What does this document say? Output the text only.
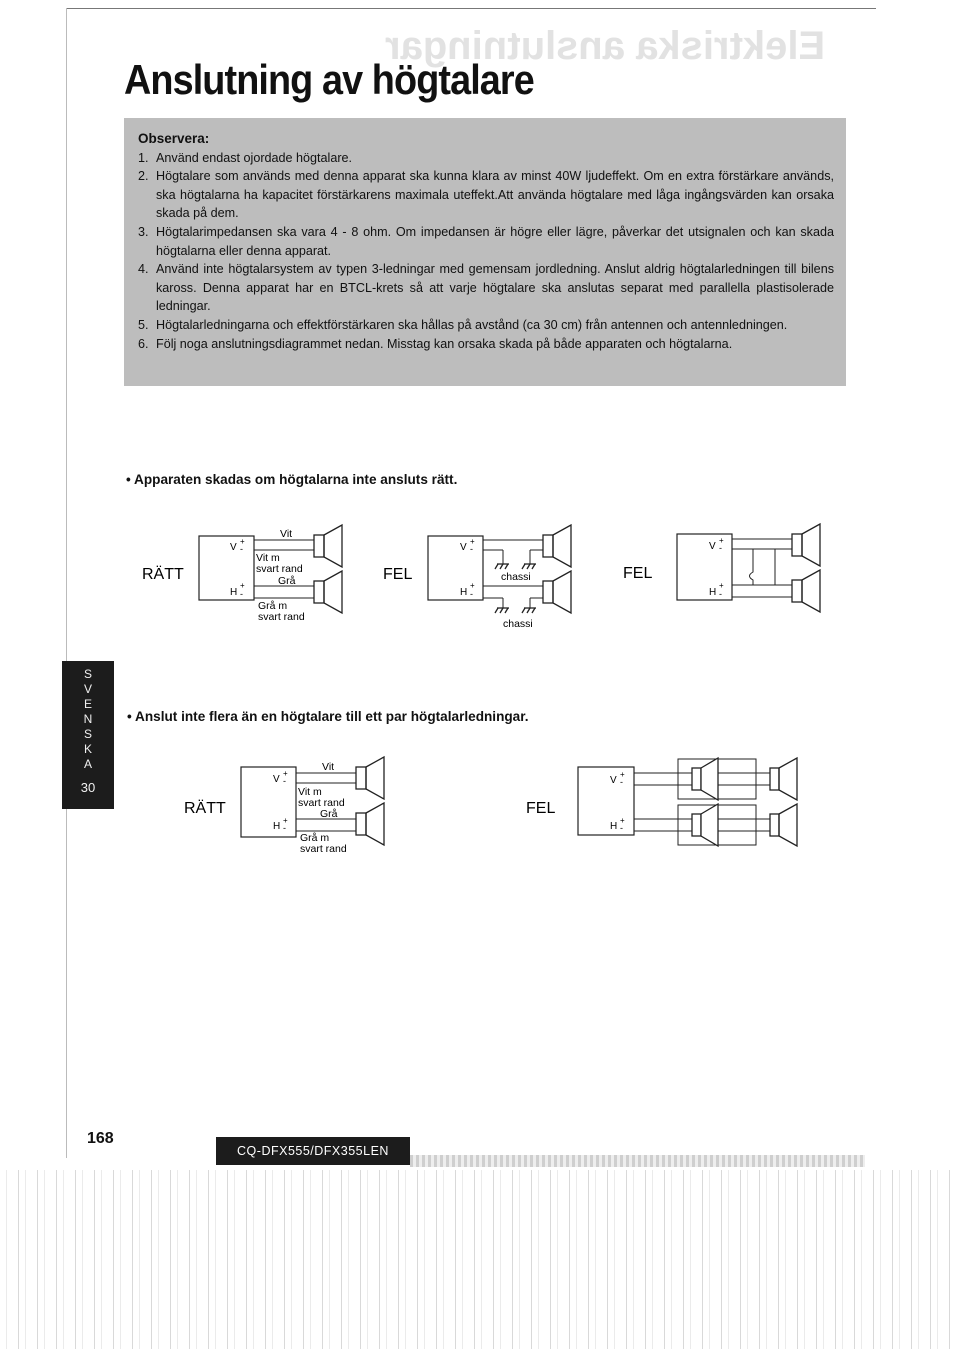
Elektriska anslutningar
Anslutning av högtalare
Observera:
1. Använd endast ojordade högtalare.
2. Högtalare som används med denna apparat ska kunna klara av minst 40W ljudeffekt. Om en extra förstärkare används, ska högtalarna ha kapacitet förstärkarens maximala uteffekt.Att använda högtalare med låga ingångsvärden kan orsaka skada på dem.
3. Högtalarimpedansen ska vara 4 - 8 ohm. Om impedansen är högre eller lägre, påverkar det utsignalen och kan skada högtalarna eller denna apparat.
4. Använd inte högtalarsystem av typen 3-ledningar med gemensam jordledning. Anslut aldrig högtalarledningen till bilens kaross. Denna apparat har en BTCL-krets så att varje högtalare ska anslutas separat med parallella plastisolerade ledningar.
5. Högtalarledningarna och effektförstärkaren ska hållas på avstånd (ca 30 cm) från antennen och antennledningen.
6. Följ noga anslutningsdiagrammet nedan. Misstag kan orsaka skada på både apparaten och högtalarna.
• Apparaten skadas om högtalarna inte ansluts rätt.
RÄTT
V
+
-
H
+
-
Vit
Vit m
svart rand
Grå
Grå m
svart rand
FEL
V
+
-
H
+
-
chassi
chassi
FEL
V
+
-
H
+
-
• Anslut inte flera än en högtalare till ett par högtalarledningar.
RÄTT
V
+
-
H
+
-
Vit
Vit m
svart rand
Grå
Grå m
svart rand
FEL
V
+
-
H
+
-
S
V
E
N
S
K
A
30
168
CQ-DFX555/DFX355LEN
